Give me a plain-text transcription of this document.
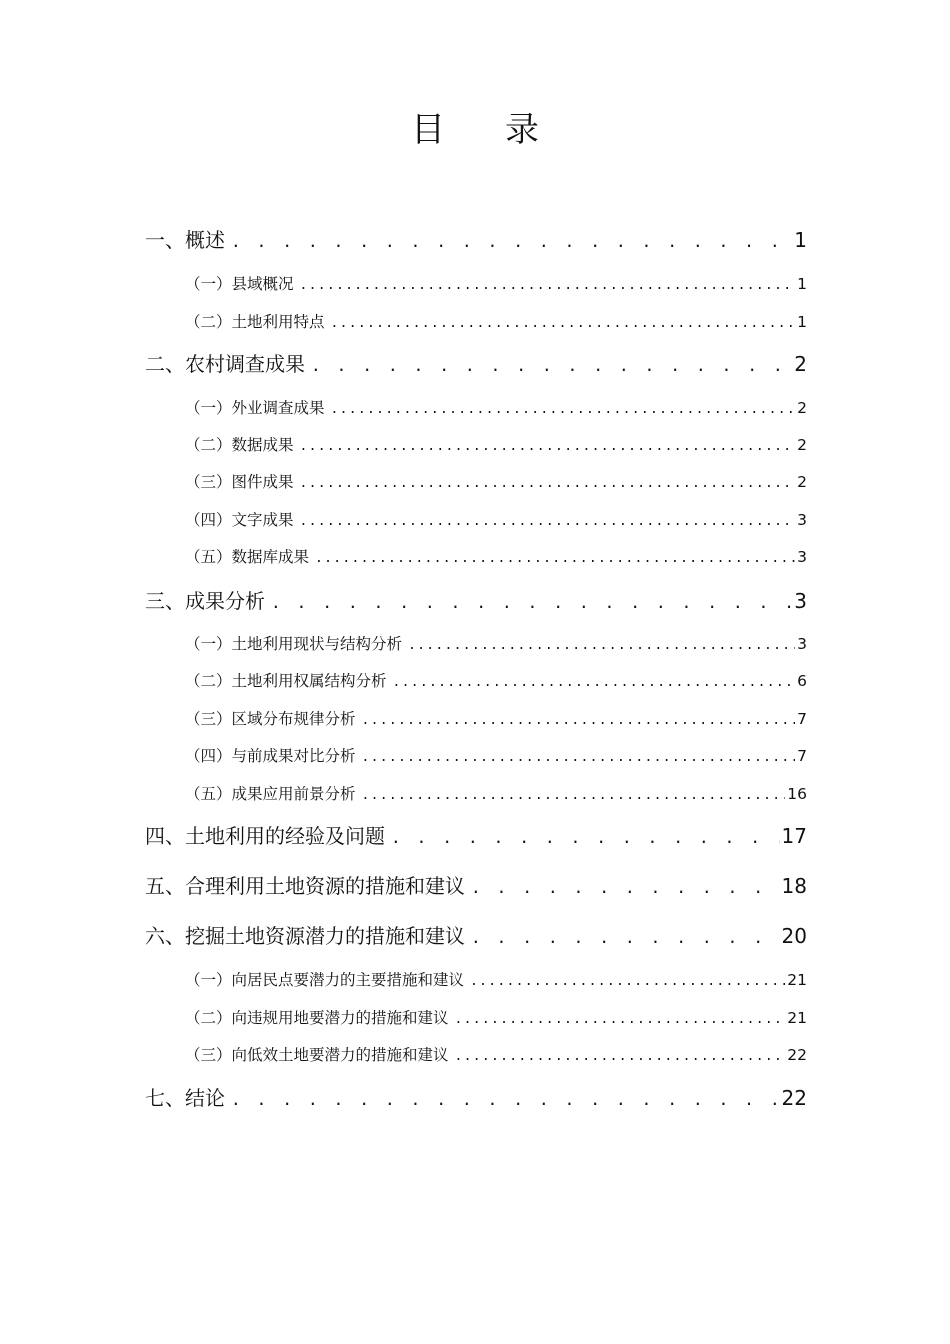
目 录
一、概述 . . .	1
（一）县域概况 .....	1
（二）土地利用特点 .....	1
二、农村调查成果 . . .	2
（一）外业调查成果 .....	2
（二）数据成果 .....	2
（三）图件成果 .....	2
（四）文字成果 .....	3
（五）数据库成果 .....	3
三、成果分析 . . .	3
（一）土地利用现状与结构分析 .....	3
（二）土地利用权属结构分析 .....	6
（三）区域分布规律分析 .....	7
（四）与前成果对比分析 .....	7
（五）成果应用前景分析 .....	16
四、土地利用的经验及问题 . . .	17
五、合理利用土地资源的措施和建议 . . .	18
六、挖掘土地资源潜力的措施和建议 . . .	20
（一）向居民点要潜力的主要措施和建议 .....	21
（二）向违规用地要潜力的措施和建议 .....	21
（三）向低效土地要潜力的措施和建议 .....	22
七、结论 . . .	22
